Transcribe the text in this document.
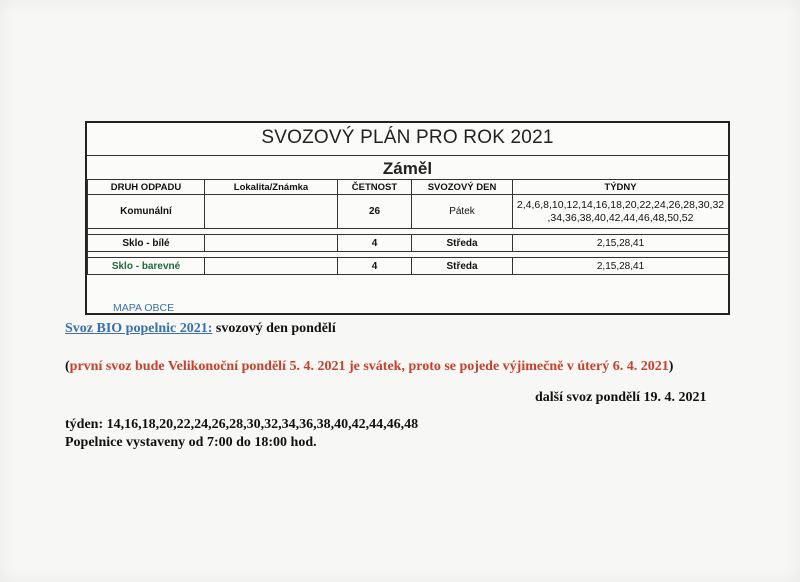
SVOZOVÝ PLÁN PRO ROK 2021
Záměl
DRUH ODPADU	Lokalita/Známka	ČETNOST	SVOZOVÝ DEN	TÝDNY
Komunální		26	Pátek	2,4,6,8,10,12,14,16,18,20,22,24,26,28,30,32
,34,36,38,40,42,44,46,48,50,52

Sklo - bílé		4	Středa	2,15,28,41

Sklo - barevné		4	Středa	2,15,28,41
MAPA OBCE
Svoz BIO popelnic 2021: svozový den pondělí
(první svoz bude Velikonoční pondělí 5. 4. 2021 je svátek, proto se pojede výjimečně v úterý 6. 4. 2021)
další svoz pondělí 19. 4. 2021
týden: 14,16,18,20,22,24,26,28,30,32,34,36,38,40,42,44,46,48
Popelnice vystaveny od 7:00 do 18:00 hod.
